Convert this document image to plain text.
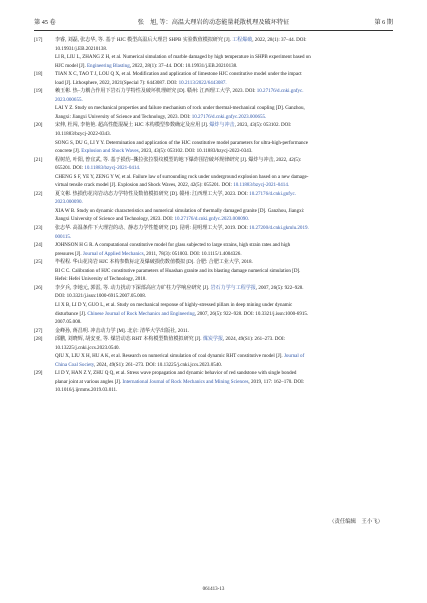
第 45 卷	张　旭, 等：高温大理岩的动态能量耗散机理及破坏特征	第 6 期
[17] 李睿, 刘磊, 张志华, 等. 基于 HJC 模型高温后大理岩 SHPB 实验数值模拟研究 [J]. 工程爆破, 2022, 28(1): 37–44. DOI:
10.19931/j.EB.20210138.
LI R, LIU L, ZHANG Z H, et al. Numerical simulation of marble damaged by high temperature in SHPB experiment based on
HJC model [J]. Engineering Blasting, 2022, 28(1): 37–44. DOI: 10.19931/j.EB.20210138.
[18] TIAN X C, TAO T J, LOU Q X, et al. Modification and application of limestone HJC constitutive model under the impact
load [J]. Lithosphere, 2022, 2021(Special 7): 6443087. DOI: 10.2113/2022/6443087.
[19] 赖玉彬. 热–力耦合作用下岩石力学特性及破坏机理研究 [D]. 赣州: 江西理工大学, 2023. DOI: 10.27176/d.cnki.gnfyc.
2023.000655.
LAI Y Z. Study on mechanical properties and failure mechanism of rock under thermal-mechanical coupling [D]. Ganzhou,
Jiangxi: Jiangxi University of Science and Technology, 2023. DOI: 10.27176/d.cnki.gnfyc.2023.000655.
[20] 宋伸, 杜闯, 李艳艳. 超高性能混凝土 HJC 本构模型参数确定及应用 [J]. 爆炸与冲击, 2023, 43(5): 053102. DOI:
10.11883/bzycj-2022-0343.
SONG S, DU G, LI Y Y. Determination and application of the HJC constitutive model parameters for ultra-high-performance
concrete [J]. Explosion and Shock Waves, 2023, 43(5): 053102. DOI: 10.11883/bzycj-2022-0343.
[21] 程树范, 叶阳, 曾宜武, 等. 基于损伤–撕拉张拉裂纹模型的地下爆炸围岩破坏规律研究 [J]. 爆炸与冲击, 2022, 42(5):
055201. DOI: 10.11883/bzycj-2021-0414.
CHENG S F, YE Y, ZENG Y W, et al. Failure law of surrounding rock under underground explosion based on a new damage-
virtual tensile crack model [J]. Explosion and Shock Waves, 2022, 42(5): 055201. DOI: 10.11883/bzycj-2021-0414.
[22] 夏文彬. 热损伤花岗岩动态力学特性及数值模拟研究 [D]. 赣州: 江西理工大学, 2023. DOI: 10.27176/d.cnki.gnfyc.
2023.000090.
XIA W B. Study on dynamic characteristics and numerical simulation of thermally damaged granite [D]. Ganzhou, Jiangxi:
Jiangxi University of Science and Technology, 2023. DOI: 10.27176/d.cnki.gnfyc.2023.000090.
[23] 张志华. 高温条件下大理岩的动、静态力学性能研究 [D]. 昆明: 昆明理工大学, 2019. DOI: 10.27200/d.cnki.gkmlu.2019.
000115.
[24] JOHNSON H G R. A computational constitutive model for glass subjected to large strains, high strain rates and high
pressures [J]. Journal of Applied Mechanics, 2011, 78(3): 051003. DOI: 10.1115/1.4004326.
[25] 毕程程. 华山花岗岩 HJC 本构参数标定及爆破损伤数值模拟 [D]. 合肥: 合肥工业大学, 2018.
BI C C. Calibration of HJC constitutive parameters of Huashan granite and its blasting damage numerical simulation [D].
Hefei: Hefei University of Technology, 2018.
[26] 李夕兵, 李地元, 郭雷, 等. 动力扰动下深部高应力矿柱力学响应研究 [J]. 岩石力学与工程学报, 2007, 26(5): 922–928.
DOI: 10.3321/j.issn:1000-6915.2007.05.008.
LI X B, LI D Y, GUO L, et al. Study on mechanical response of highly-stressed pillars in deep mining under dynamic
disturbance [J]. Chinese Journal of Rock Mechanics and Engineering, 2007, 26(5): 922–928. DOI: 10.3321/j.issn:1000-6915.
2007.05.008.
[27] 金峰孙, 蒋昌明. 冲击动力学 [M]. 北京: 清华大学出版社, 2011.
[28] 邱鹏, 刘晓辉, 胡安亚, 等. 煤岩动态 RHT 本构模型数值模拟研究 [J]. 煤炭学报, 2024, 49(S1): 261–273. DOI:
10.13225/j.cnki.jccs.2023.0540.
QIU X, LIU X H, HU A K, et al. Research on numerical simulation of coal dynamic RHT constitutive model [J]. Journal of
China Coal Society, 2024, 49(S1): 261–273. DOI: 10.13225/j.cnki.jccs.2023.0540.
[29] LI D Y, HAN Z Y, ZHU Q Q, et al. Stress wave propagation and dynamic behavior of red sandstone with single bonded
planar joint at various angles [J]. International Journal of Rock Mechanics and Mining Sciences, 2019, 117: 162–170. DOI:
10.1016/j.ijrmms.2019.03.011.
（责任编辑　王小飞）
061413-13
